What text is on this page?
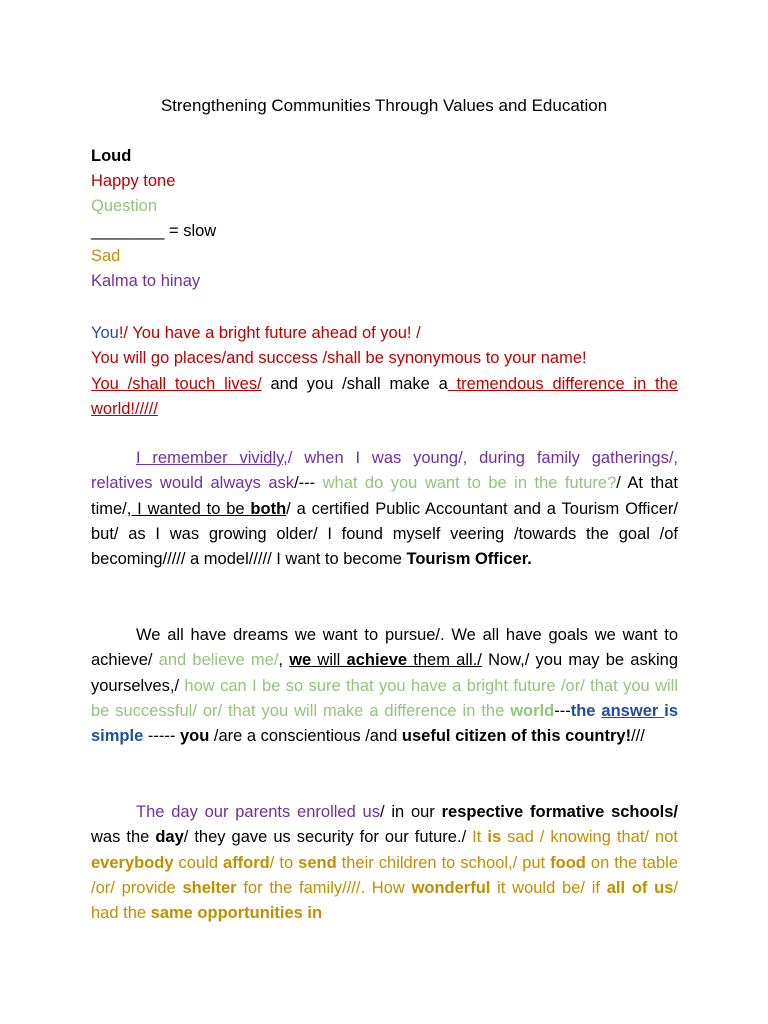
Strengthening Communities Through Values and Education
Loud
Happy tone
Question
________ = slow
Sad
Kalma to hinay
You!/ You have a bright future ahead of you! /
You will go places/and success /shall be synonymous to your name!
You /shall touch lives/ and you /shall make a tremendous difference in the world!/////
I remember vividly,/ when I was young/, during family gatherings/, relatives would always ask/--- what do you want to be in the future?/ At that time/, I wanted to be both/ a certified Public Accountant and a Tourism Officer/ but/ as I was growing older/ I found myself veering /towards the goal /of becoming///// a model///// I want to become Tourism Officer.
We all have dreams we want to pursue/. We all have goals we want to achieve/ and believe me/, we will achieve them all./ Now,/ you may be asking yourselves,/ how can I be so sure that you have a bright future /or/ that you will be successful/ or/ that you will make a difference in the world---the answer is simple ----- you /are a conscientious /and useful citizen of this country!///
The day our parents enrolled us/ in our respective formative schools/ was the day/ they gave us security for our future./ It is sad / knowing that/ not everybody could afford/ to send their children to school,/ put food on the table /or/ provide shelter for the family////. How wonderful it would be/ if all of us/ had the same opportunities in
